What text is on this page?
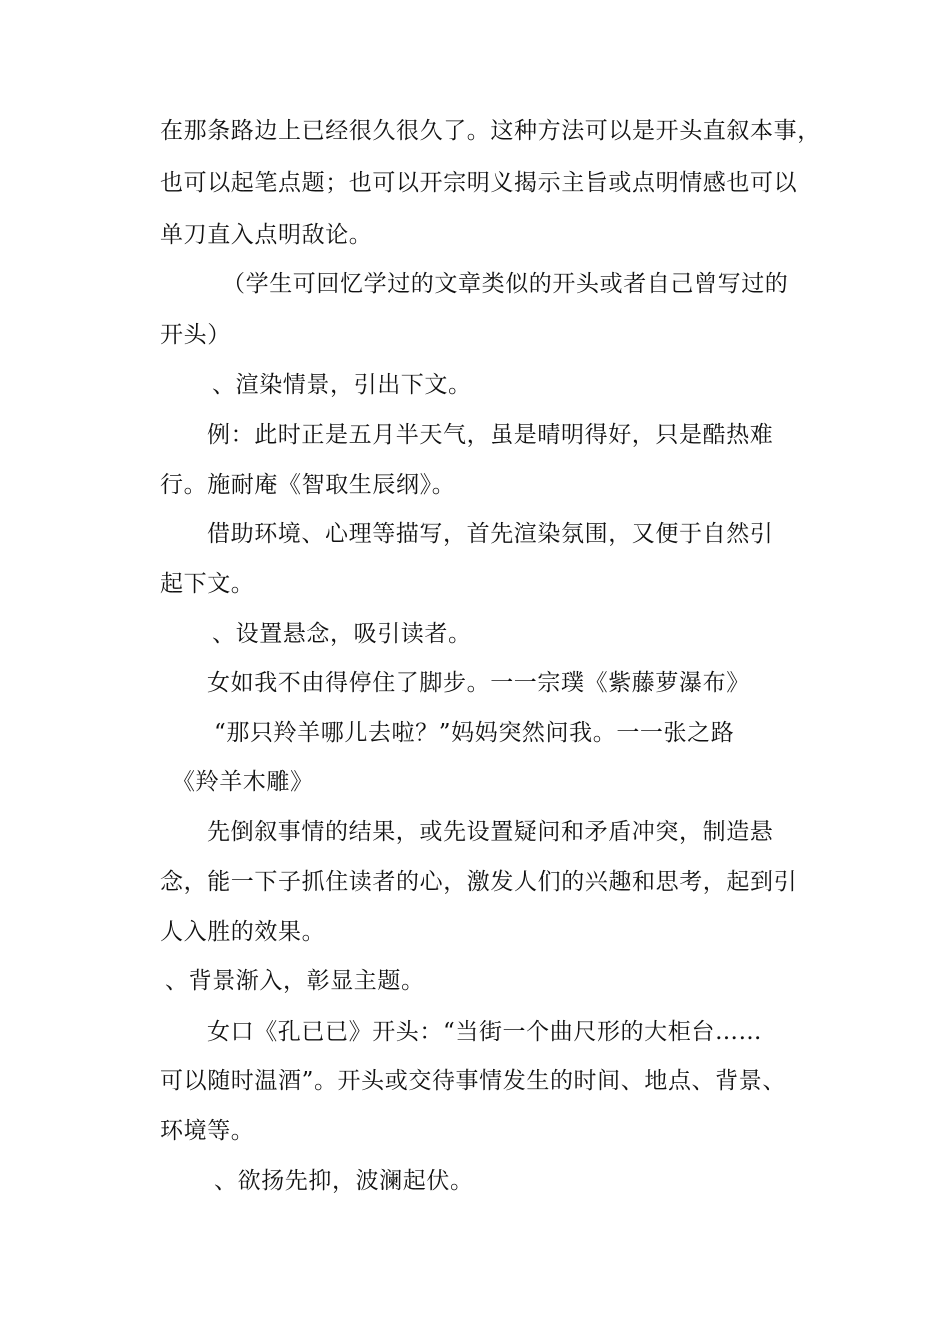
在那条路边上已经很久很久了。这种方法可以是开头直叙本事，
也可以起笔点题；也可以开宗明义揭示主旨或点明情感也可以
单刀直入点明敌论。
（学生可回忆学过的文章类似的开头或者自己曾写过的
开头）
、渲染情景，引出下文。
例：此时正是五月半天气，虽是晴明得好，只是酷热难
行。施耐庵《智取生辰纲》。
借助环境、心理等描写，首先渲染氛围，又便于自然引
起下文。
、设置悬念，吸引读者。
女如我不由得停住了脚步。一一宗璞《紫藤萝瀑布》
“那只羚羊哪儿去啦？”妈妈突然问我。一一张之路
《羚羊木雕》
先倒叙事情的结果，或先设置疑问和矛盾冲突，制造悬
念，能一下子抓住读者的心，激发人们的兴趣和思考，起到引
人入胜的效果。
、背景渐入，彰显主题。
女口《孔已已》开头：“当街一个曲尺形的大柜台……
可以随时温酒”。开头或交待事情发生的时间、地点、背景、
环境等。
、欲扬先抑，波澜起伏。
